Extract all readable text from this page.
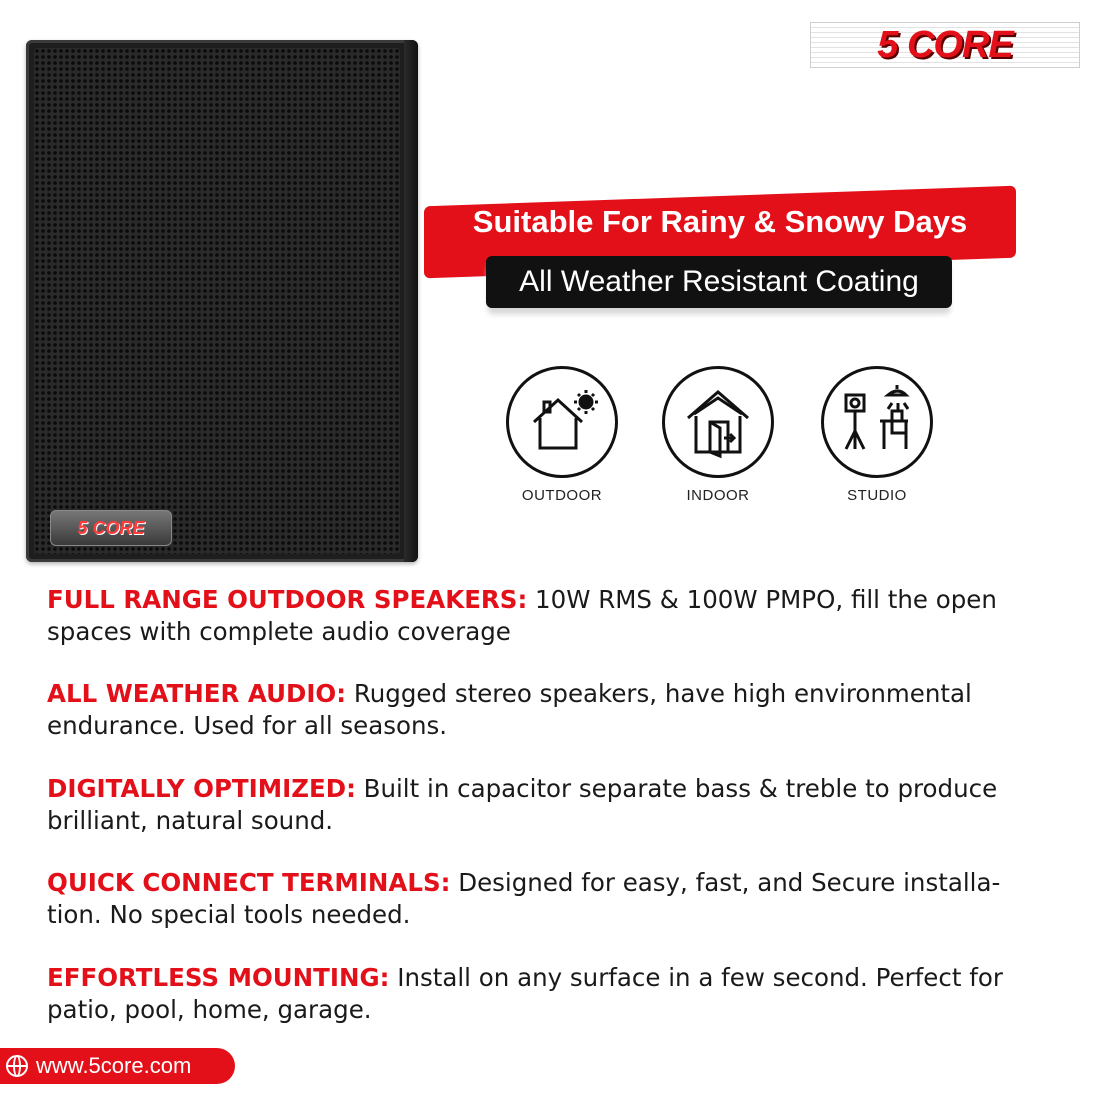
5 CORE
5 CORE
Suitable For Rainy & Snowy Days
All Weather Resistant Coating
OUTDOOR	INDOOR	STUDIO
FULL RANGE OUTDOOR SPEAKERS: 10W RMS & 100W PMPO, fill the open spaces with complete audio coverage
ALL WEATHER AUDIO: Rugged stereo speakers, have high environmental endurance. Used for all seasons.
DIGITALLY OPTIMIZED: Built in capacitor separate bass & treble to produce brilliant, natural sound.
QUICK CONNECT TERMINALS: Designed for easy, fast, and Secure installa-tion. No special tools needed.
EFFORTLESS MOUNTING: Install on any surface in a few second. Perfect for patio, pool, home, garage.
www.5core.com
